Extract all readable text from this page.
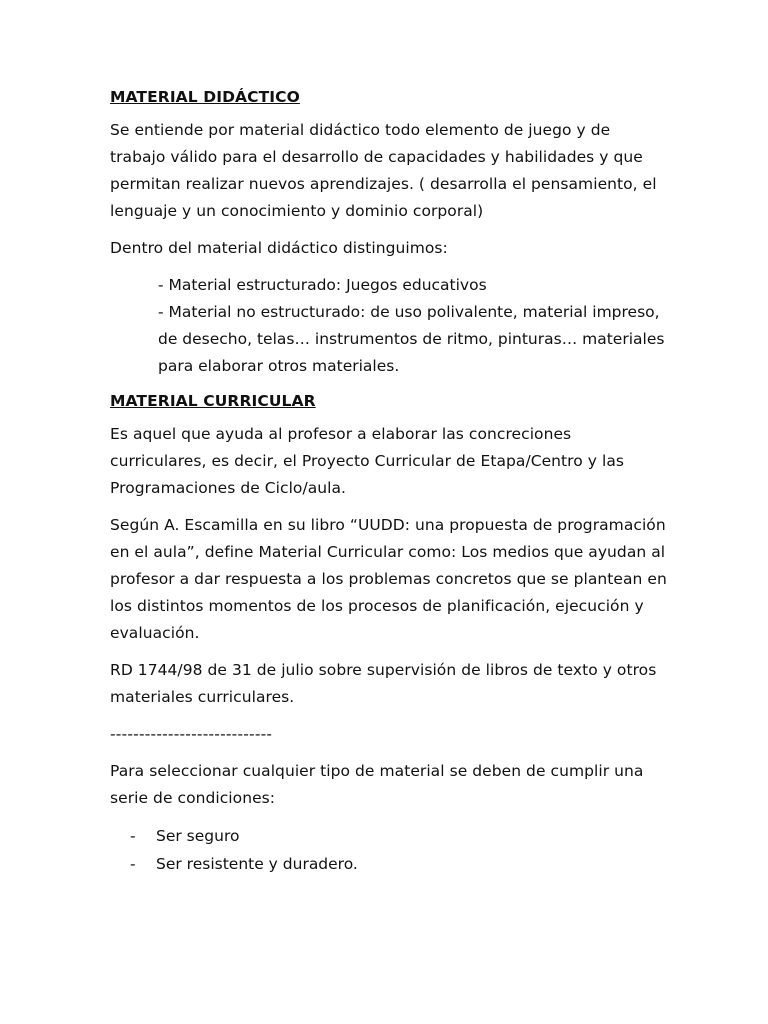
MATERIAL DIDÁCTICO

Se entiende por material didáctico todo elemento de juego y de trabajo válido para el desarrollo de capacidades y habilidades y que permitan realizar nuevos aprendizajes. ( desarrolla el pensamiento, el lenguaje y un conocimiento y dominio corporal)

Dentro del material didáctico distinguimos:

- Material estructurado: Juegos educativos
- Material no estructurado: de uso polivalente, material impreso, de desecho, telas… instrumentos de ritmo, pinturas… materiales para elaborar otros materiales.
MATERIAL CURRICULAR

Es aquel que ayuda al profesor a elaborar las concreciones curriculares, es decir, el Proyecto Curricular de Etapa/Centro y las Programaciones de Ciclo/aula.

Según A. Escamilla en su libro “UUDD: una propuesta de programación en el aula”, define Material Curricular como: Los medios que ayudan al profesor a dar respuesta a los problemas concretos que se plantean en los distintos momentos de los procesos de planificación, ejecución y evaluación.

RD 1744/98 de 31 de julio sobre supervisión de libros de texto y otros materiales curriculares.

----------------------------

Para seleccionar cualquier tipo de material se deben de cumplir una serie de condiciones:

- Ser seguro
- Ser resistente y duradero.
